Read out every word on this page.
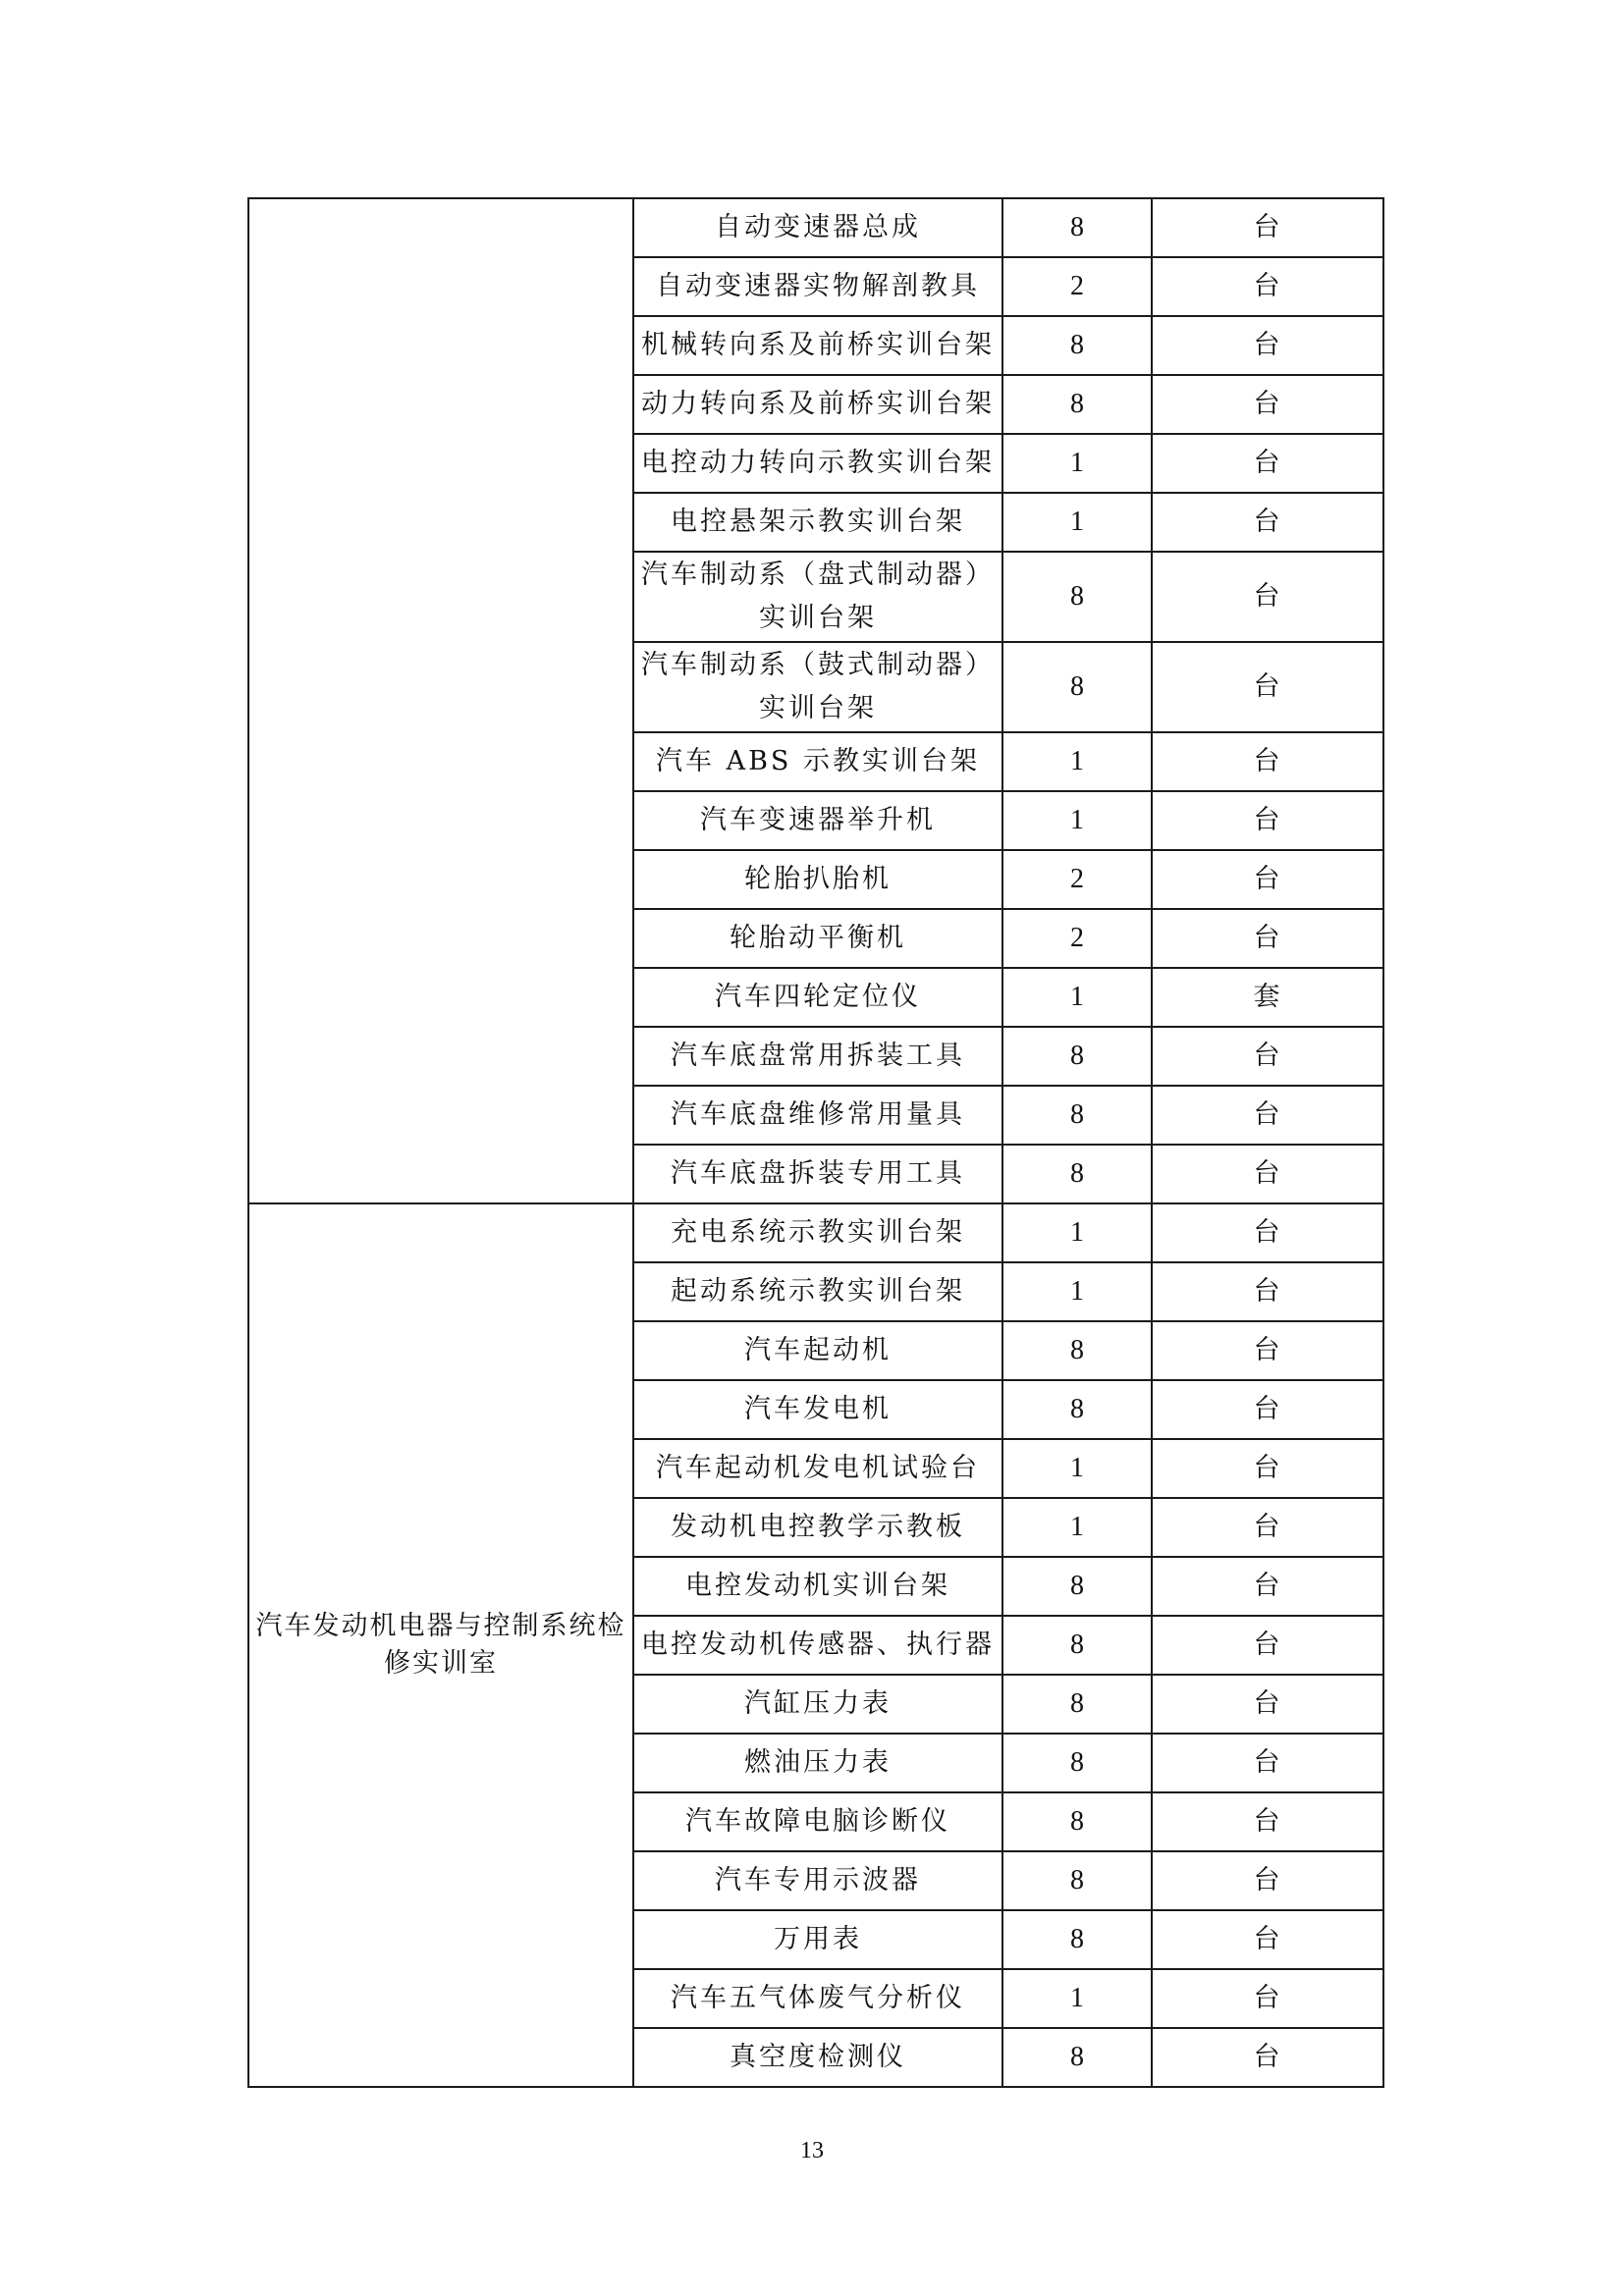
	自动变速器总成	8	台
	自动变速器实物解剖教具	2	台
	机械转向系及前桥实训台架	8	台
	动力转向系及前桥实训台架	8	台
	电控动力转向示教实训台架	1	台
	电控悬架示教实训台架	1	台
	汽车制动系（盘式制动器）实训台架	8	台
	汽车制动系（鼓式制动器）实训台架	8	台
	汽车 ABS 示教实训台架	1	台
	汽车变速器举升机	1	台
	轮胎扒胎机	2	台
	轮胎动平衡机	2	台
	汽车四轮定位仪	1	套
	汽车底盘常用拆装工具	8	台
	汽车底盘维修常用量具	8	台
	汽车底盘拆装专用工具	8	台
汽车发动机电器与控制系统检修实训室	充电系统示教实训台架	1	台
	起动系统示教实训台架	1	台
	汽车起动机	8	台
	汽车发电机	8	台
	汽车起动机发电机试验台	1	台
	发动机电控教学示教板	1	台
	电控发动机实训台架	8	台
	电控发动机传感器、执行器	8	台
	汽缸压力表	8	台
	燃油压力表	8	台
	汽车故障电脑诊断仪	8	台
	汽车专用示波器	8	台
	万用表	8	台
	汽车五气体废气分析仪	1	台
	真空度检测仪	8	台
13
